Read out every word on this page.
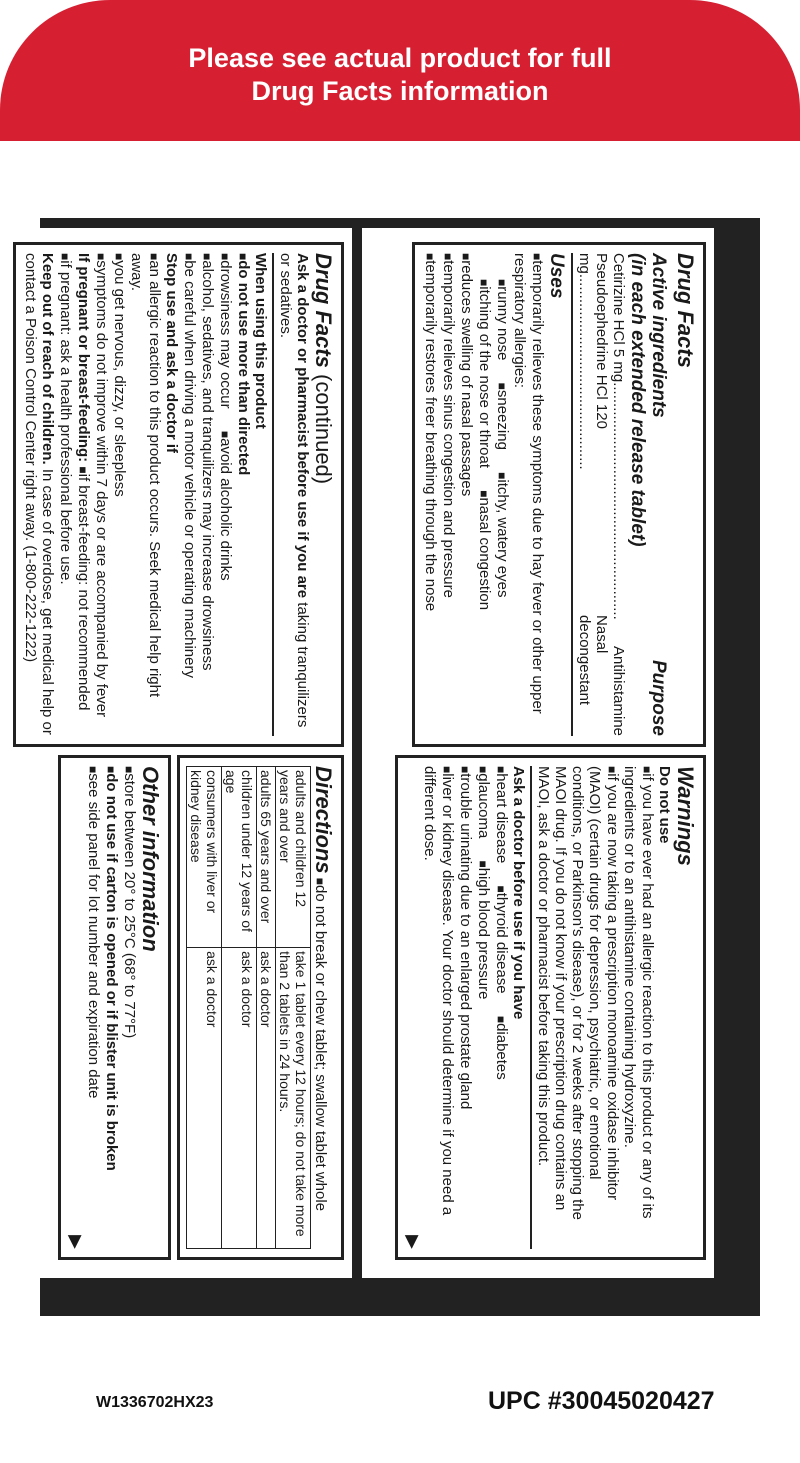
Please see actual product for full
Drug Facts information
Drug Facts
Active ingredients
Purpose
(in each extended release tablet)
Cetirizine HCl 5 mg.........................................................
Antihistamine
Pseudoephedrine HCl 120 mg...............................................
Nasal decongestant
Uses
■ temporarily relieves these symptoms due to hay fever or other upper respiratory allergies:
■ runny nose ■ sneezing ■ itchy, watery eyes
■ itching of the nose or throat ■ nasal congestion
■ reduces swelling of nasal passages
■ temporarily relieves sinus congestion and pressure
■ temporarily restores freer breathing through the nose
Warnings
Do not use
■ if you have ever had an allergic reaction to this product or any of its ingredients or to an antihistamine containing hydroxyzine.
■ if you are now taking a prescription monoamine oxidase inhibitor (MAOI) (certain drugs for depression, psychiatric, or emotional conditions, or Parkinson's disease), or for 2 weeks after stopping the MAOI drug. If you do not know if your prescription drug contains an MAOI, ask a doctor or pharmacist before taking this product.
Ask a doctor before use if you have
■ heart disease ■ thyroid disease ■ diabetes
■ glaucoma ■ high blood pressure
■ trouble urinating due to an enlarged prostate gland
■ liver or kidney disease. Your doctor should determine if you need a different dose.
▶
Drug Facts (continued)
Ask a doctor or pharmacist before use if you are taking tranquilizers or sedatives.
When using this product
■ do not use more than directed
■ drowsiness may occur ■ avoid alcoholic drinks
■ alcohol, sedatives, and tranquilizers may increase drowsiness
■ be careful when driving a motor vehicle or operating machinery
Stop use and ask a doctor if
■ an allergic reaction to this product occurs. Seek medical help right away.
■ you get nervous, dizzy, or sleepless
■ symptoms do not improve within 7 days or are accompanied by fever
If pregnant or breast-feeding: ■ if breast-feeding: not recommended
■ if pregnant: ask a health professional before use.
Keep out of reach of children. In case of overdose, get medical help or contact a Poison Control Center right away. (1-800-222-1222)
Directions ■ do not break or chew tablet; swallow tablet whole
adults and children 12 years and over	take 1 tablet every 12 hours; do not take more than 2 tablets in 24 hours.
adults 65 years and over	ask a doctor
children under 12 years of age	ask a doctor
consumers with liver or kidney disease	ask a doctor
Other information
■ store between 20° to 25°C (68° to 77°F)
■ do not use if carton is opened or if blister unit is broken
■ see side panel for lot number and expiration date
▶
W1336702HX23	UPC #30045020427
